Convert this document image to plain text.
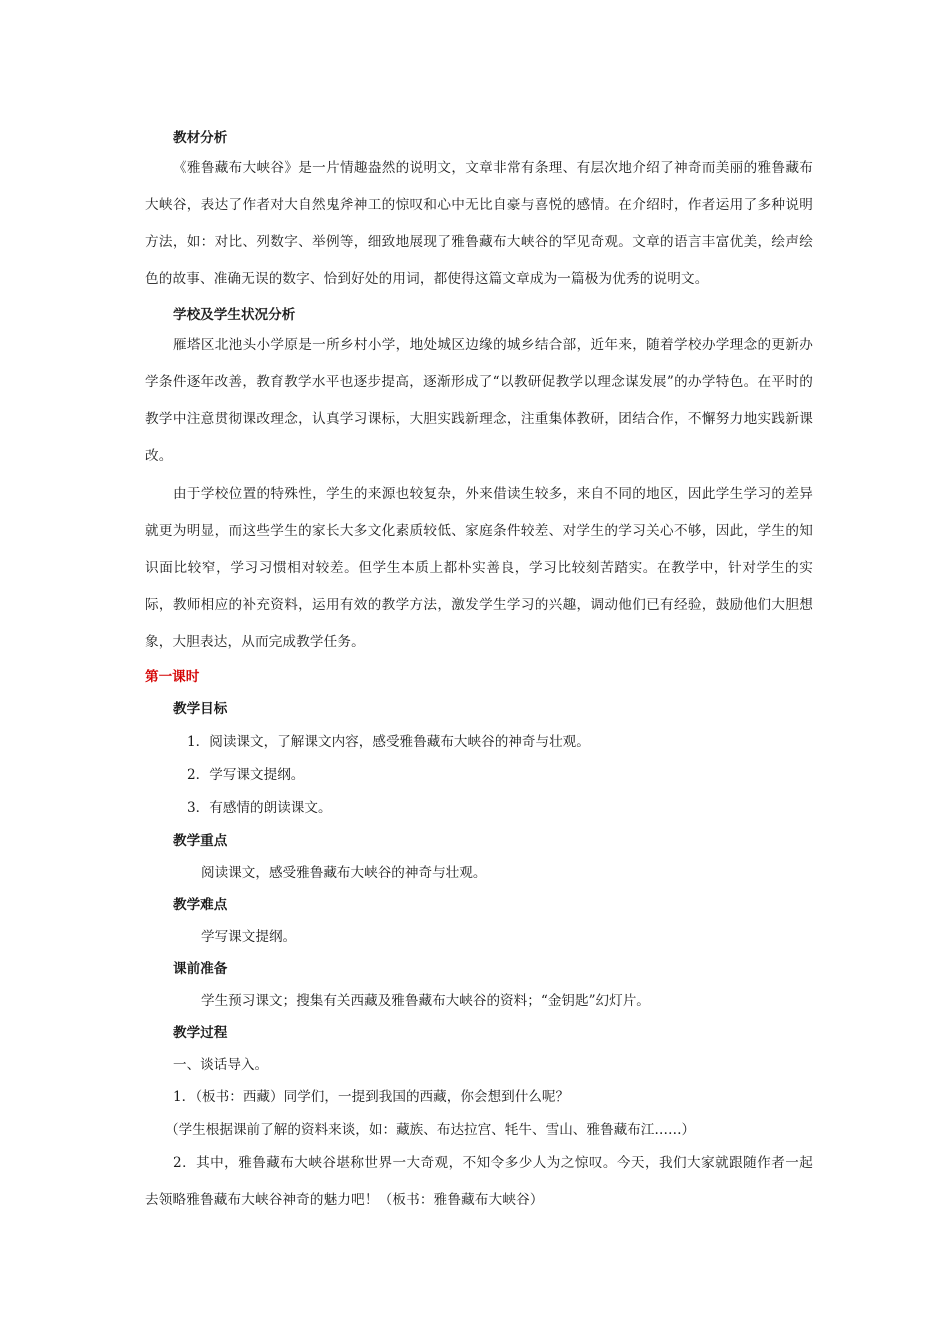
教材分析

《雅鲁藏布大峡谷》是一片情趣盎然的说明文，文章非常有条理、有层次地介绍了神奇而美丽的雅鲁藏布大峡谷，表达了作者对大自然鬼斧神工的惊叹和心中无比自豪与喜悦的感情。在介绍时，作者运用了多种说明方法，如：对比、列数字、举例等，细致地展现了雅鲁藏布大峡谷的罕见奇观。文章的语言丰富优美，绘声绘色的故事、准确无误的数字、恰到好处的用词，都使得这篇文章成为一篇极为优秀的说明文。

学校及学生状况分析

雁塔区北池头小学原是一所乡村小学，地处城区边缘的城乡结合部，近年来，随着学校办学理念的更新办学条件逐年改善，教育教学水平也逐步提高，逐渐形成了“以教研促教学以理念谋发展”的办学特色。在平时的教学中注意贯彻课改理念，认真学习课标，大胆实践新理念，注重集体教研，团结合作，不懈努力地实践新课改。

由于学校位置的特殊性，学生的来源也较复杂，外来借读生较多，来自不同的地区，因此学生学习的差异就更为明显，而这些学生的家长大多文化素质较低、家庭条件较差、对学生的学习关心不够，因此，学生的知识面比较窄，学习习惯相对较差。但学生本质上都朴实善良，学习比较刻苦踏实。在教学中，针对学生的实际，教师相应的补充资料，运用有效的教学方法，激发学生学习的兴趣，调动他们已有经验，鼓励他们大胆想象，大胆表达，从而完成教学任务。

第一课时

教学目标

1．阅读课文，了解课文内容，感受雅鲁藏布大峡谷的神奇与壮观。

2．学写课文提纲。

3．有感情的朗读课文。

教学重点

阅读课文，感受雅鲁藏布大峡谷的神奇与壮观。

教学难点

学写课文提纲。

课前准备

学生预习课文；搜集有关西藏及雅鲁藏布大峡谷的资料；“金钥匙”幻灯片。

教学过程

一、谈话导入。

1．（板书：西藏）同学们，一提到我国的西藏，你会想到什么呢？

（学生根据课前了解的资料来谈，如：藏族、布达拉宫、牦牛、雪山、雅鲁藏布江……）

2．其中，雅鲁藏布大峡谷堪称世界一大奇观，不知令多少人为之惊叹。今天，我们大家就跟随作者一起去领略雅鲁藏布大峡谷神奇的魅力吧！（板书：雅鲁藏布大峡谷）
